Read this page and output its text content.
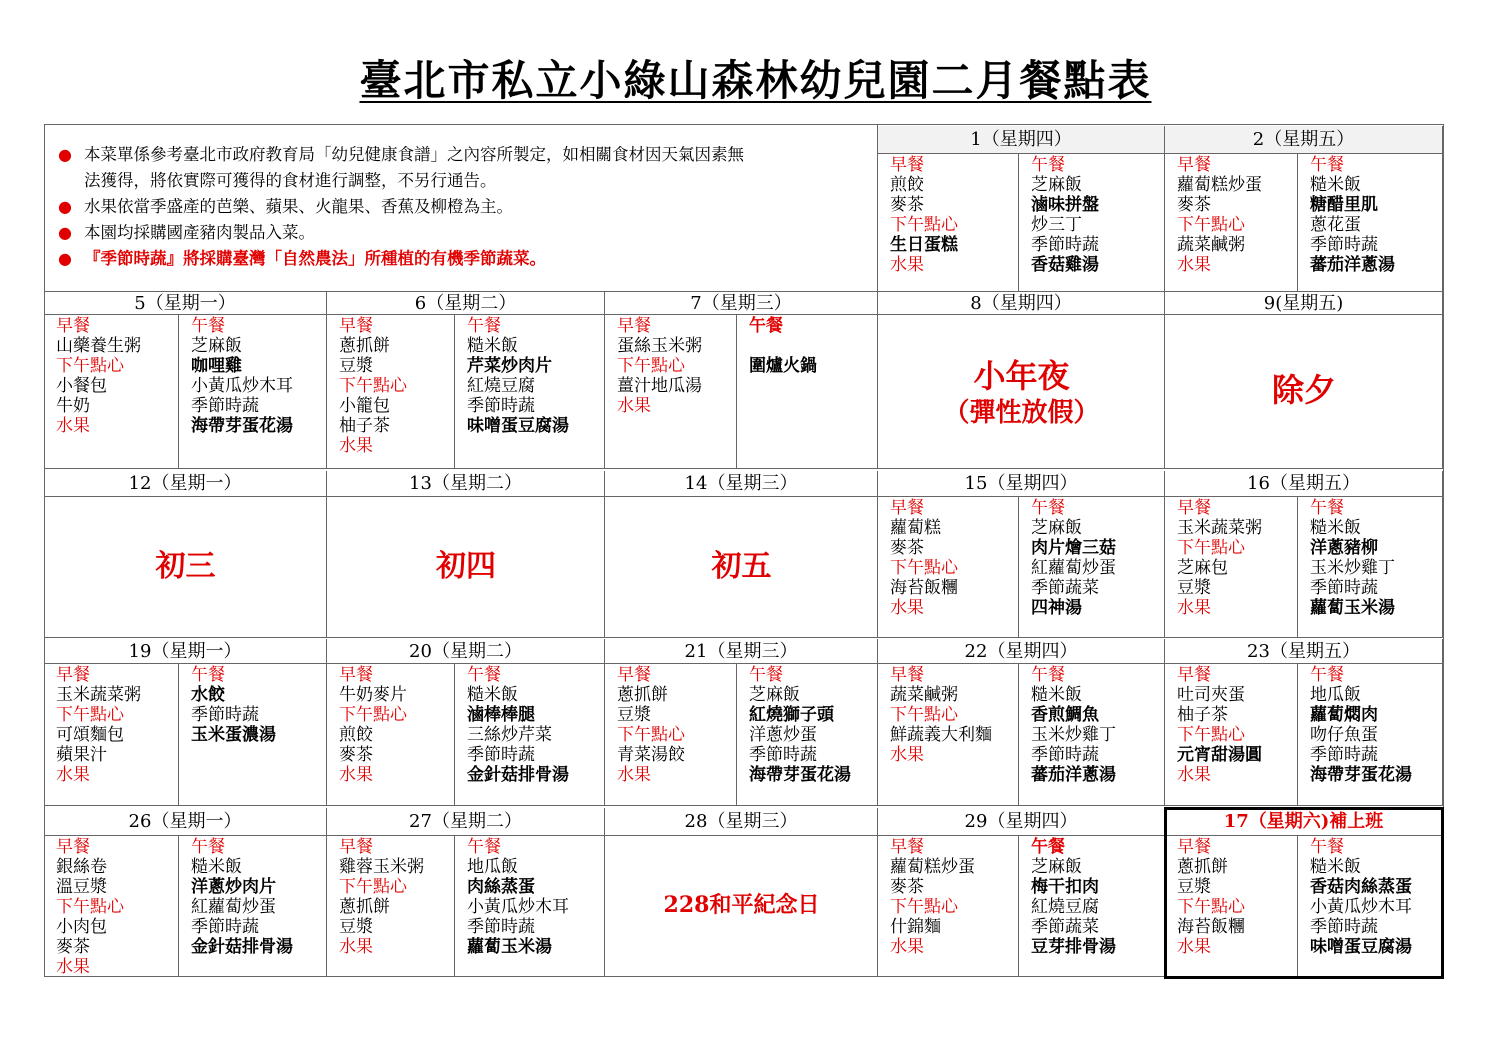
臺北市私立小綠山森林幼兒園二月餐點表
● 本菜單係參考臺北市政府教育局「幼兒健康食譜」之內容所製定，如相關食材因天氣因素無
法獲得，將依實際可獲得的食材進行調整，不另行通告。
● 水果依當季盛產的芭樂、蘋果、火龍果、香蕉及柳橙為主。
● 本園均採購國產豬肉製品入菜。
● 『季節時蔬』將採購臺灣「自然農法」所種植的有機季節蔬菜。
1（星期四）
早餐
煎餃
麥茶
下午點心
生日蛋糕
水果
午餐
芝麻飯
滷味拼盤
炒三丁
季節時蔬
香菇雞湯
2（星期五）
早餐
蘿蔔糕炒蛋
麥茶
下午點心
蔬菜鹹粥
水果
午餐
糙米飯
糖醋里肌
蔥花蛋
季節時蔬
蕃茄洋蔥湯
5（星期一）
早餐
山藥養生粥
下午點心
小餐包
牛奶
水果
午餐
芝麻飯
咖哩雞
小黃瓜炒木耳
季節時蔬
海帶芽蛋花湯
6（星期二）
早餐
蔥抓餅
豆漿
下午點心
小籠包
柚子茶
水果
午餐
糙米飯
芹菜炒肉片
紅燒豆腐
季節時蔬
味噌蛋豆腐湯
7（星期三）
早餐
蛋絲玉米粥
下午點心
薑汁地瓜湯
水果
午餐

圍爐火鍋
8（星期四）
小年夜
（彈性放假）
9(星期五)
除夕
12（星期一）
初三
13（星期二）
初四
14（星期三）
初五
15（星期四）
早餐
蘿蔔糕
麥茶
下午點心
海苔飯糰
水果
午餐
芝麻飯
肉片燴三菇
紅蘿蔔炒蛋
季節蔬菜
四神湯
16（星期五）
早餐
玉米蔬菜粥
下午點心
芝麻包
豆漿
水果
午餐
糙米飯
洋蔥豬柳
玉米炒雞丁
季節時蔬
蘿蔔玉米湯
19（星期一）
早餐
玉米蔬菜粥
下午點心
可頌麵包
蘋果汁
水果
午餐
水餃
季節時蔬
玉米蛋濃湯
20（星期二）
早餐
牛奶麥片
下午點心
煎餃
麥茶
水果
午餐
糙米飯
滷棒棒腿
三絲炒芹菜
季節時蔬
金針菇排骨湯
21（星期三）
早餐
蔥抓餅
豆漿
下午點心
青菜湯餃
水果
午餐
芝麻飯
紅燒獅子頭
洋蔥炒蛋
季節時蔬
海帶芽蛋花湯
22（星期四）
早餐
蔬菜鹹粥
下午點心
鮮蔬義大利麵
水果
午餐
糙米飯
香煎鯛魚
玉米炒雞丁
季節時蔬
蕃茄洋蔥湯
23（星期五）
早餐
吐司夾蛋
柚子茶
下午點心
元宵甜湯圓
水果
午餐
地瓜飯
蘿蔔燜肉
吻仔魚蛋
季節時蔬
海帶芽蛋花湯
26（星期一）
早餐
銀絲卷
溫豆漿
下午點心
小肉包
麥茶
水果
午餐
糙米飯
洋蔥炒肉片
紅蘿蔔炒蛋
季節時蔬
金針菇排骨湯
27（星期二）
早餐
雞蓉玉米粥
下午點心
蔥抓餅
豆漿
水果
午餐
地瓜飯
肉絲蒸蛋
小黃瓜炒木耳
季節時蔬
蘿蔔玉米湯
28（星期三）
228和平紀念日
29（星期四）
早餐
蘿蔔糕炒蛋
麥茶
下午點心
什錦麵
水果
午餐
芝麻飯
梅干扣肉
紅燒豆腐
季節蔬菜
豆芽排骨湯
17（星期六)補上班
早餐
蔥抓餅
豆漿
下午點心
海苔飯糰
水果
午餐
糙米飯
香菇肉絲蒸蛋
小黃瓜炒木耳
季節時蔬
味噌蛋豆腐湯
